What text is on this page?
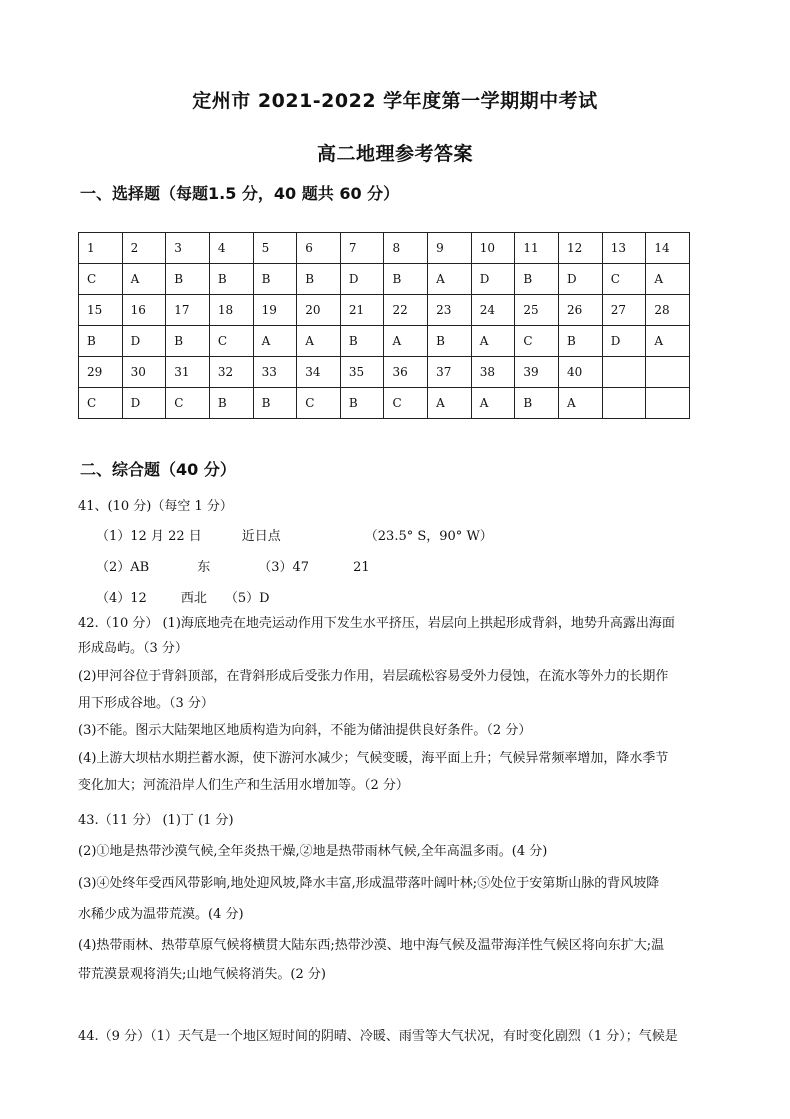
定州市 2021-2022 学年度第一学期期中考试
高二地理参考答案
一、选择题（每题1.5 分，40 题共 60 分）
1	2	3	4	5	6	7	8	9	10	11	12	13	14
C	A	B	B	B	B	D	B	A	D	B	D	C	A
15	16	17	18	19	20	21	22	23	24	25	26	27	28
B	D	B	C	A	A	B	A	B	A	C	B	D	A
29	30	31	32	33	34	35	36	37	38	39	40		
C	D	C	B	B	C	B	C	A	A	B	A		
二、综合题（40 分）
41、(10 分)（每空 1 分）
（1）12 月 22 日	近日点	（23.5° S，90° W）
（2）AB	东	（3）47	21
（4）12	西北 （5）D
42.（10 分） (1)海底地壳在地壳运动作用下发生水平挤压，岩层向上拱起形成背斜，地势升高露出海面
形成岛屿。（3 分）
(2)甲河谷位于背斜顶部，在背斜形成后受张力作用，岩层疏松容易受外力侵蚀，在流水等外力的长期作
用下形成谷地。（3 分）
(3)不能。图示大陆架地区地质构造为向斜，不能为储油提供良好条件。（2 分）
(4)上游大坝枯水期拦蓄水源，使下游河水减少；气候变暖，海平面上升；气候异常频率增加，降水季节
变化加大；河流沿岸人们生产和生活用水增加等。（2 分）
43.（11 分） (1)丁 (1 分)
(2)①地是热带沙漠气候,全年炎热干燥,②地是热带雨林气候,全年高温多雨。(4 分)
(3)④处终年受西风带影响,地处迎风坡,降水丰富,形成温带落叶阔叶林;⑤处位于安第斯山脉的背风坡降
水稀少成为温带荒漠。(4 分)
(4)热带雨林、热带草原气候将横贯大陆东西;热带沙漠、地中海气候及温带海洋性气候区将向东扩大;温
带荒漠景观将消失;山地气候将消失。(2 分)
44.（9 分）（1）天气是一个地区短时间的阴晴、冷暖、雨雪等大气状况，有时变化剧烈（1 分）；气候是
